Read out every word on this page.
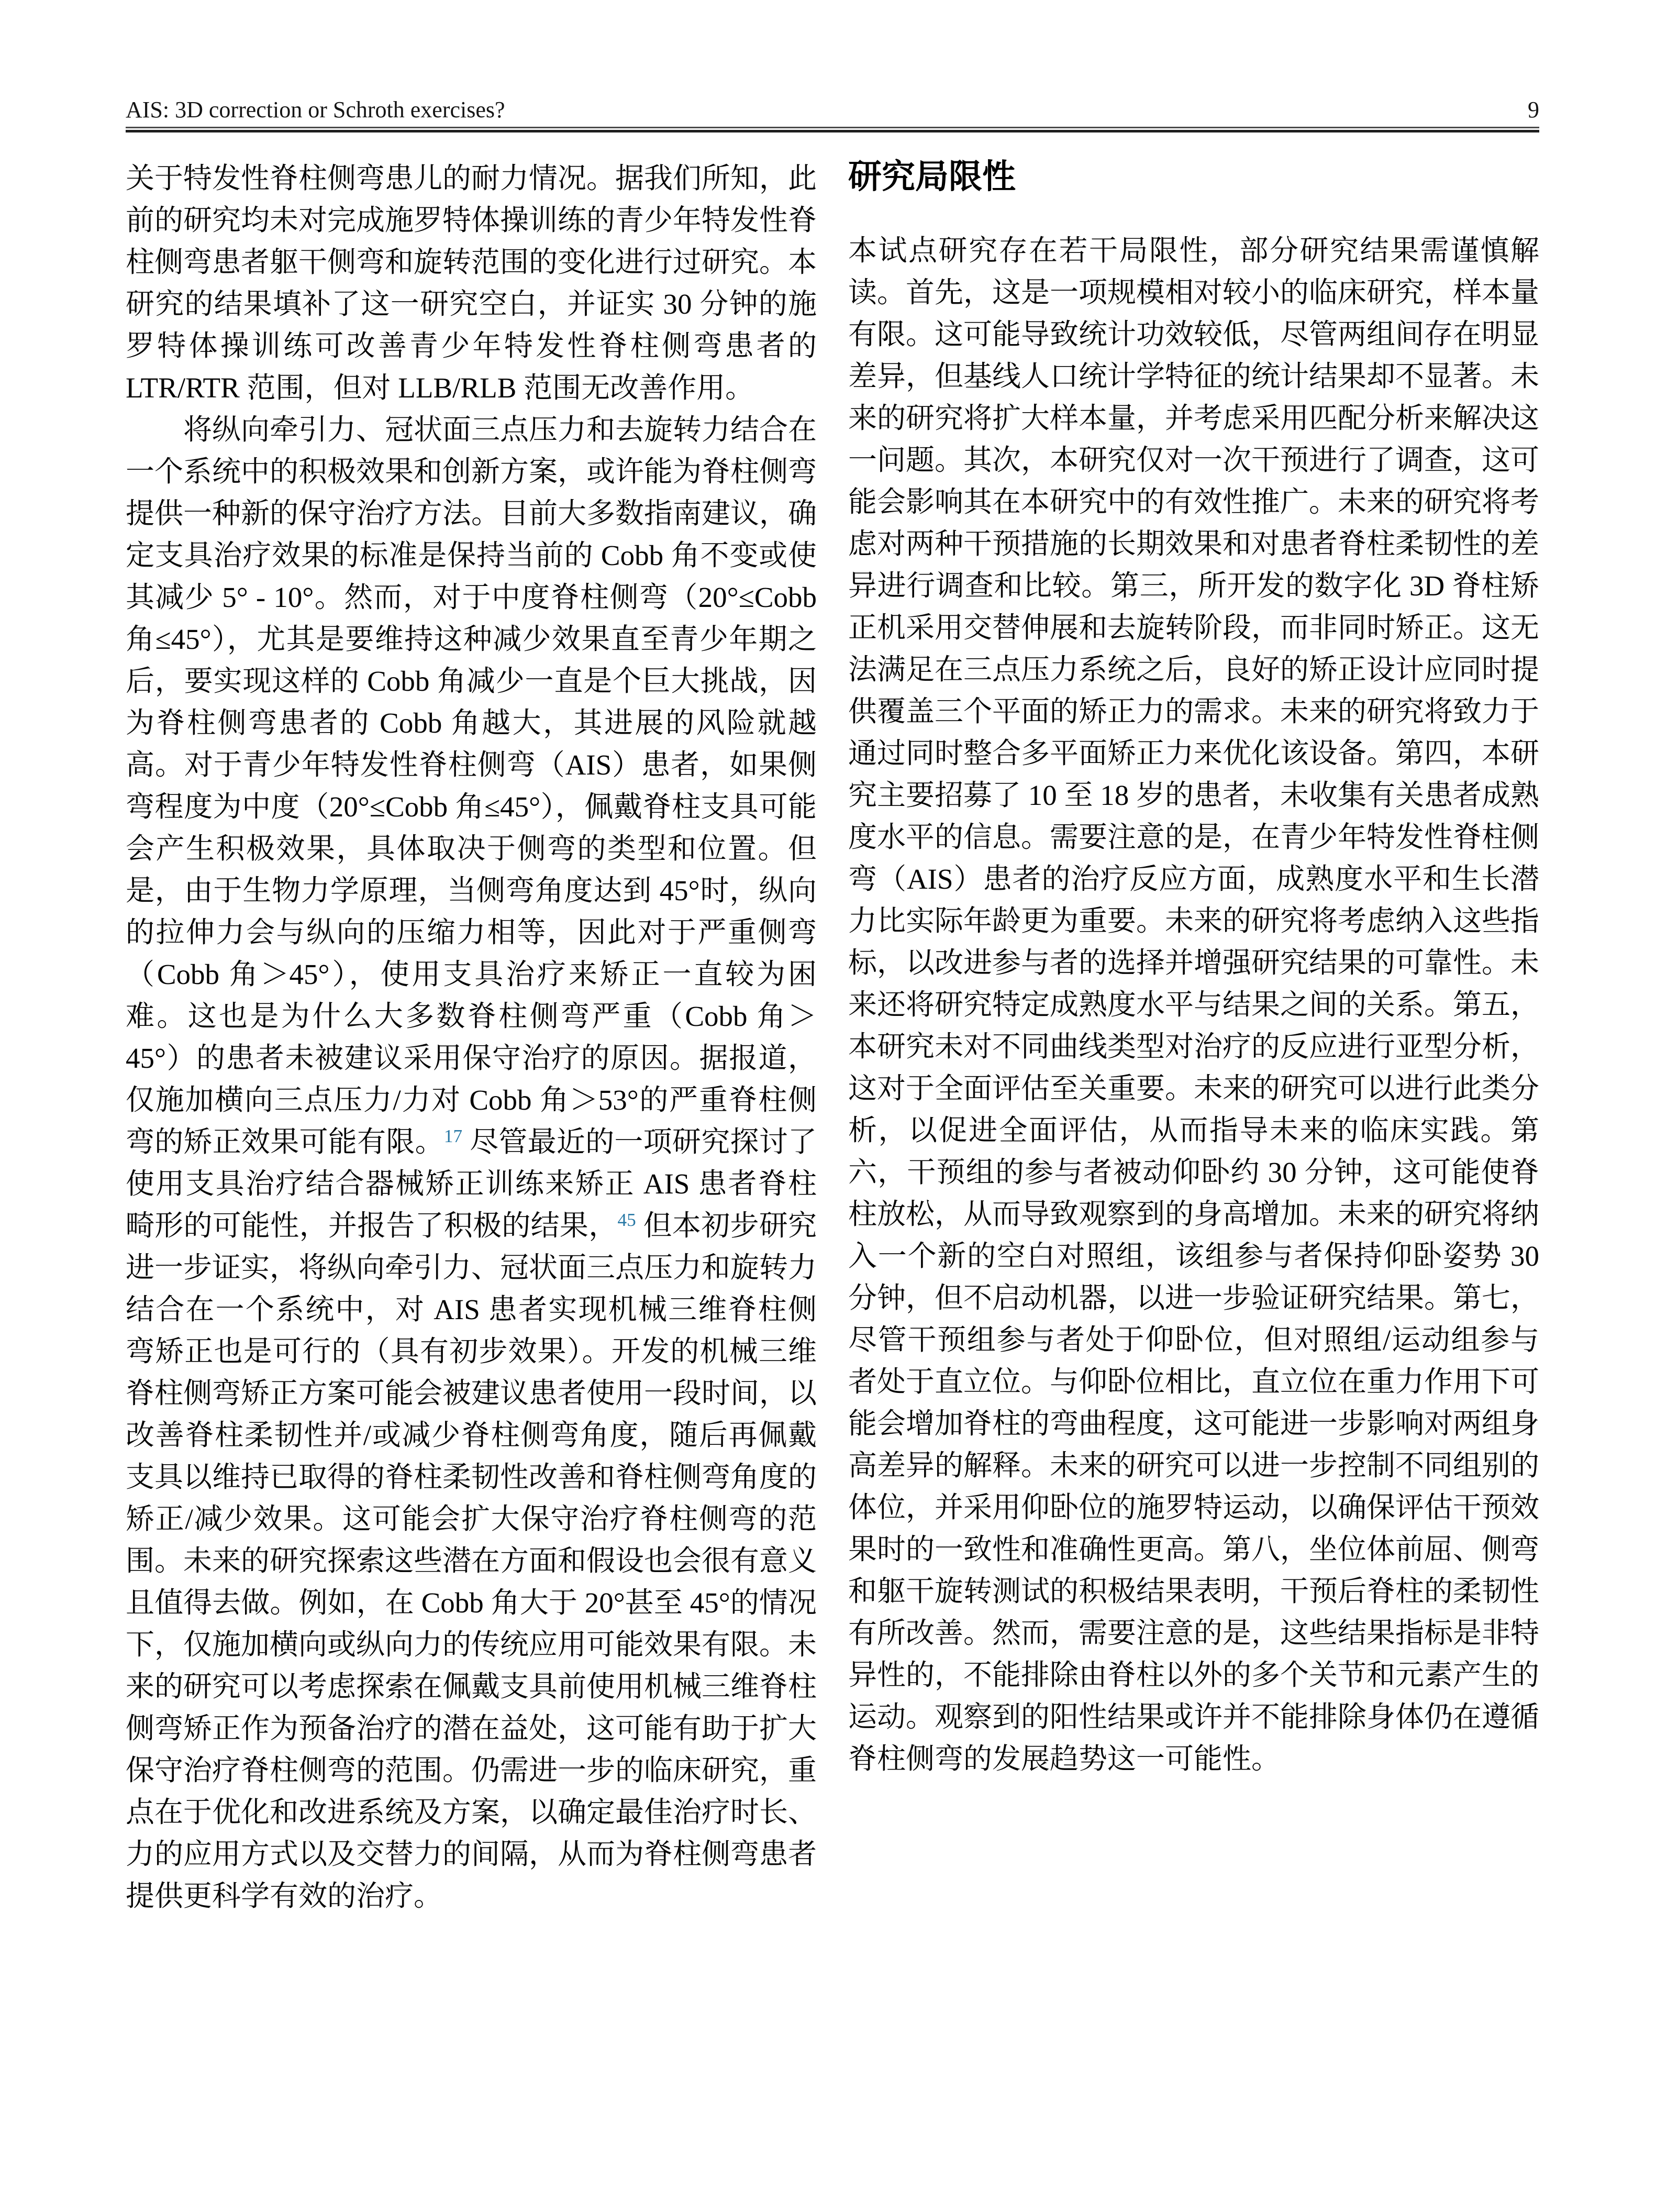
AIS: 3D correction or Schroth exercises?	9

关于特发性脊柱侧弯患儿的耐力情况。据我们所知，此前的研究均未对完成施罗特体操训练的青少年特发性脊柱侧弯患者躯干侧弯和旋转范围的变化进行过研究。本研究的结果填补了这一研究空白，并证实 30 分钟的施罗特体操训练可改善青少年特发性脊柱侧弯患者的 LTR/RTR 范围，但对 LLB/RLB 范围无改善作用。

将纵向牵引力、冠状面三点压力和去旋转力结合在一个系统中的积极效果和创新方案，或许能为脊柱侧弯提供一种新的保守治疗方法。目前大多数指南建议，确定支具治疗效果的标准是保持当前的 Cobb 角不变或使其减少 5° - 10°。然而，对于中度脊柱侧弯（20°≤Cobb 角≤45°），尤其是要维持这种减少效果直至青少年期之后，要实现这样的 Cobb 角减少一直是个巨大挑战，因为脊柱侧弯患者的 Cobb 角越大，其进展的风险就越高。对于青少年特发性脊柱侧弯（AIS）患者，如果侧弯程度为中度（20°≤Cobb 角≤45°），佩戴脊柱支具可能会产生积极效果，具体取决于侧弯的类型和位置。但是，由于生物力学原理，当侧弯角度达到 45°时，纵向的拉伸力会与纵向的压缩力相等，因此对于严重侧弯（Cobb 角＞45°），使用支具治疗来矫正一直较为困难。这也是为什么大多数脊柱侧弯严重（Cobb 角＞45°）的患者未被建议采用保守治疗的原因。据报道，仅施加横向三点压力/力对 Cobb 角＞53°的严重脊柱侧弯的矫正效果可能有限。$^{17}$ 尽管最近的一项研究探讨了使用支具治疗结合器械矫正训练来矫正 AIS 患者脊柱畸形的可能性，并报告了积极的结果，$^{45}$ 但本初步研究进一步证实，将纵向牵引力、冠状面三点压力和旋转力结合在一个系统中，对 AIS 患者实现机械三维脊柱侧弯矫正也是可行的（具有初步效果）。开发的机械三维脊柱侧弯矫正方案可能会被建议患者使用一段时间，以改善脊柱柔韧性并/或减少脊柱侧弯角度，随后再佩戴支具以维持已取得的脊柱柔韧性改善和脊柱侧弯角度的矫正/减少效果。这可能会扩大保守治疗脊柱侧弯的范围。未来的研究探索这些潜在方面和假设也会很有意义且值得去做。例如，在 Cobb 角大于 20°甚至 45°的情况下，仅施加横向或纵向力的传统应用可能效果有限。未来的研究可以考虑探索在佩戴支具前使用机械三维脊柱侧弯矫正作为预备治疗的潜在益处，这可能有助于扩大保守治疗脊柱侧弯的范围。仍需进一步的临床研究，重点在于优化和改进系统及方案，以确定最佳治疗时长、力的应用方式以及交替力的间隔，从而为脊柱侧弯患者提供更科学有效的治疗。

研究局限性

本试点研究存在若干局限性，部分研究结果需谨慎解读。首先，这是一项规模相对较小的临床研究，样本量有限。这可能导致统计功效较低，尽管两组间存在明显差异，但基线人口统计学特征的统计结果却不显著。未来的研究将扩大样本量，并考虑采用匹配分析来解决这一问题。其次，本研究仅对一次干预进行了调查，这可能会影响其在本研究中的有效性推广。未来的研究将考虑对两种干预措施的长期效果和对患者脊柱柔韧性的差异进行调查和比较。第三，所开发的数字化 3D 脊柱矫正机采用交替伸展和去旋转阶段，而非同时矫正。这无法满足在三点压力系统之后，良好的矫正设计应同时提供覆盖三个平面的矫正力的需求。未来的研究将致力于通过同时整合多平面矫正力来优化该设备。第四，本研究主要招募了 10 至 18 岁的患者，未收集有关患者成熟度水平的信息。需要注意的是，在青少年特发性脊柱侧弯（AIS）患者的治疗反应方面，成熟度水平和生长潜力比实际年龄更为重要。未来的研究将考虑纳入这些指标，以改进参与者的选择并增强研究结果的可靠性。未来还将研究特定成熟度水平与结果之间的关系。第五，本研究未对不同曲线类型对治疗的反应进行亚型分析，这对于全面评估至关重要。未来的研究可以进行此类分析，以促进全面评估，从而指导未来的临床实践。第六，干预组的参与者被动仰卧约 30 分钟，这可能使脊柱放松，从而导致观察到的身高增加。未来的研究将纳入一个新的空白对照组，该组参与者保持仰卧姿势 30 分钟，但不启动机器，以进一步验证研究结果。第七，尽管干预组参与者处于仰卧位，但对照组/运动组参与者处于直立位。与仰卧位相比，直立位在重力作用下可能会增加脊柱的弯曲程度，这可能进一步影响对两组身高差异的解释。未来的研究可以进一步控制不同组别的体位，并采用仰卧位的施罗特运动，以确保评估干预效果时的一致性和准确性更高。第八，坐位体前屈、侧弯和躯干旋转测试的积极结果表明，干预后脊柱的柔韧性有所改善。然而，需要注意的是，这些结果指标是非特异性的，不能排除由脊柱以外的多个关节和元素产生的运动。观察到的阳性结果或许并不能排除身体仍在遵循脊柱侧弯的发展趋势这一可能性。
